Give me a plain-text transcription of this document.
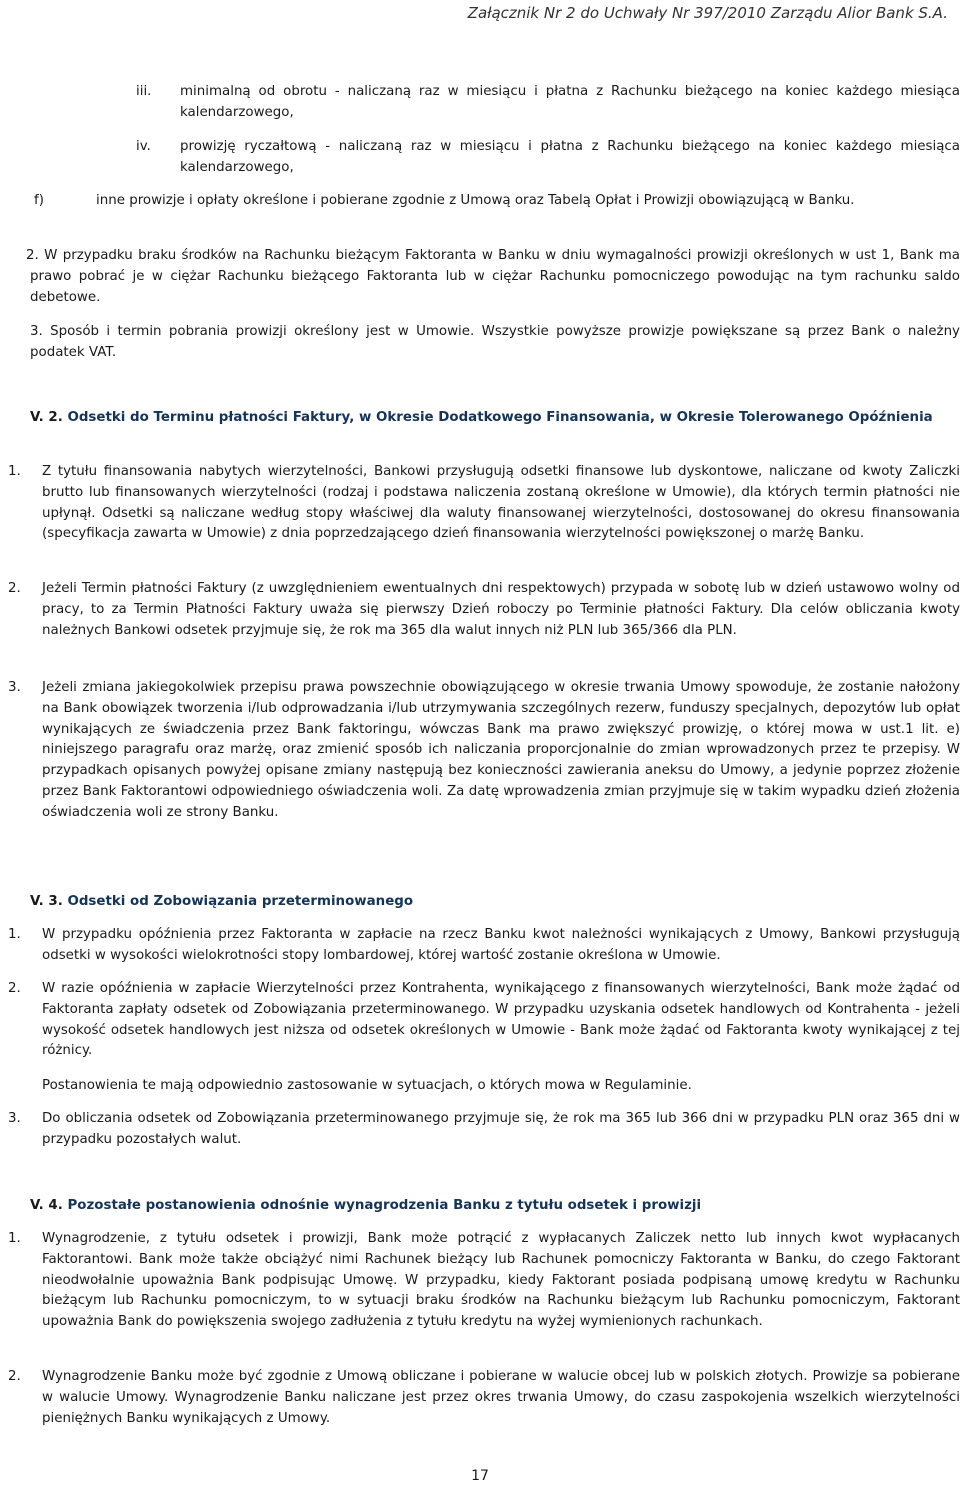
Załącznik Nr 2 do Uchwały Nr 397/2010 Zarządu Alior Bank S.A.
iii.	minimalną od obrotu - naliczaną raz w miesiącu i płatna z Rachunku bieżącego na koniec każdego miesiąca kalendarzowego,
iv.	prowizję ryczałtową - naliczaną raz w miesiącu i płatna z Rachunku bieżącego na koniec każdego miesiąca kalendarzowego,
f)	inne prowizje i opłaty określone i pobierane zgodnie z Umową oraz Tabelą Opłat i Prowizji obowiązującą w Banku.
2. W przypadku braku środków na Rachunku bieżącym Faktoranta w Banku w dniu wymagalności prowizji określonych w ust 1, Bank ma prawo pobrać je w ciężar Rachunku bieżącego Faktoranta lub w ciężar Rachunku pomocniczego powodując na tym rachunku saldo debetowe.
3. Sposób i termin pobrania prowizji określony jest w Umowie. Wszystkie powyższe prowizje powiększane są przez Bank o należny podatek VAT.
V. 2. Odsetki do Terminu płatności Faktury, w Okresie Dodatkowego Finansowania, w Okresie Tolerowanego Opóźnienia
1. Z tytułu finansowania nabytych wierzytelności, Bankowi przysługują odsetki finansowe lub dyskontowe, naliczane od kwoty Zaliczki brutto lub finansowanych wierzytelności (rodzaj i podstawa naliczenia zostaną określone w Umowie), dla których termin płatności nie upłynął. Odsetki są naliczane według stopy właściwej dla waluty finansowanej wierzytelności, dostosowanej do okresu finansowania (specyfikacja zawarta w Umowie) z dnia poprzedzającego dzień finansowania wierzytelności powiększonej o marżę Banku.
2. Jeżeli Termin płatności Faktury (z uwzględnieniem ewentualnych dni respektowych) przypada w sobotę lub w dzień ustawowo wolny od pracy, to za Termin Płatności Faktury uważa się pierwszy Dzień roboczy po Terminie płatności Faktury. Dla celów obliczania kwoty należnych Bankowi odsetek przyjmuje się, że rok ma 365 dla walut innych niż PLN lub 365/366 dla PLN.
3. Jeżeli zmiana jakiegokolwiek przepisu prawa powszechnie obowiązującego w okresie trwania Umowy spowoduje, że zostanie nałożony na Bank obowiązek tworzenia i/lub odprowadzania i/lub utrzymywania szczególnych rezerw, funduszy specjalnych, depozytów lub opłat wynikających ze świadczenia przez Bank faktoringu, wówczas Bank ma prawo zwiększyć prowizję, o której mowa w ust.1 lit. e) niniejszego paragrafu oraz marżę, oraz zmienić sposób ich naliczania proporcjonalnie do zmian wprowadzonych przez te przepisy. W przypadkach opisanych powyżej opisane zmiany następują bez konieczności zawierania aneksu do Umowy, a jedynie poprzez złożenie przez Bank Faktorantowi odpowiedniego oświadczenia woli. Za datę wprowadzenia zmian przyjmuje się w takim wypadku dzień złożenia oświadczenia woli ze strony Banku.
V. 3. Odsetki od Zobowiązania przeterminowanego
1. W przypadku opóźnienia przez Faktoranta w zapłacie na rzecz Banku kwot należności wynikających z Umowy, Bankowi przysługują odsetki w wysokości wielokrotności stopy lombardowej, której wartość zostanie określona w Umowie.
2. W razie opóźnienia w zapłacie Wierzytelności przez Kontrahenta, wynikającego z finansowanych wierzytelności, Bank może żądać od Faktoranta zapłaty odsetek od Zobowiązania przeterminowanego. W przypadku uzyskania odsetek handlowych od Kontrahenta - jeżeli wysokość odsetek handlowych jest niższa od odsetek określonych w Umowie - Bank może żądać od Faktoranta kwoty wynikającej z tej różnicy.
Postanowienia te mają odpowiednio zastosowanie w sytuacjach, o których mowa w Regulaminie.
3. Do obliczania odsetek od Zobowiązania przeterminowanego przyjmuje się, że rok ma 365 lub 366 dni w przypadku PLN oraz 365 dni w przypadku pozostałych walut.
V. 4. Pozostałe postanowienia odnośnie wynagrodzenia Banku z tytułu odsetek i prowizji
1. Wynagrodzenie, z tytułu odsetek i prowizji, Bank może potrącić z wypłacanych Zaliczek netto lub innych kwot wypłacanych Faktorantowi. Bank może także obciążyć nimi Rachunek bieżący lub Rachunek pomocniczy Faktoranta w Banku, do czego Faktorant nieodwołalnie upoważnia Bank podpisując Umowę. W przypadku, kiedy Faktorant posiada podpisaną umowę kredytu w Rachunku bieżącym lub Rachunku pomocniczym, to w sytuacji braku środków na Rachunku bieżącym lub Rachunku pomocniczym, Faktorant upoważnia Bank do powiększenia swojego zadłużenia z tytułu kredytu na wyżej wymienionych rachunkach.
2. Wynagrodzenie Banku może być zgodnie z Umową obliczane i pobierane w walucie obcej lub w polskich złotych. Prowizje sa pobierane w walucie Umowy. Wynagrodzenie Banku naliczane jest przez okres trwania Umowy, do czasu zaspokojenia wszelkich wierzytelności pieniężnych Banku wynikających z Umowy.
17
